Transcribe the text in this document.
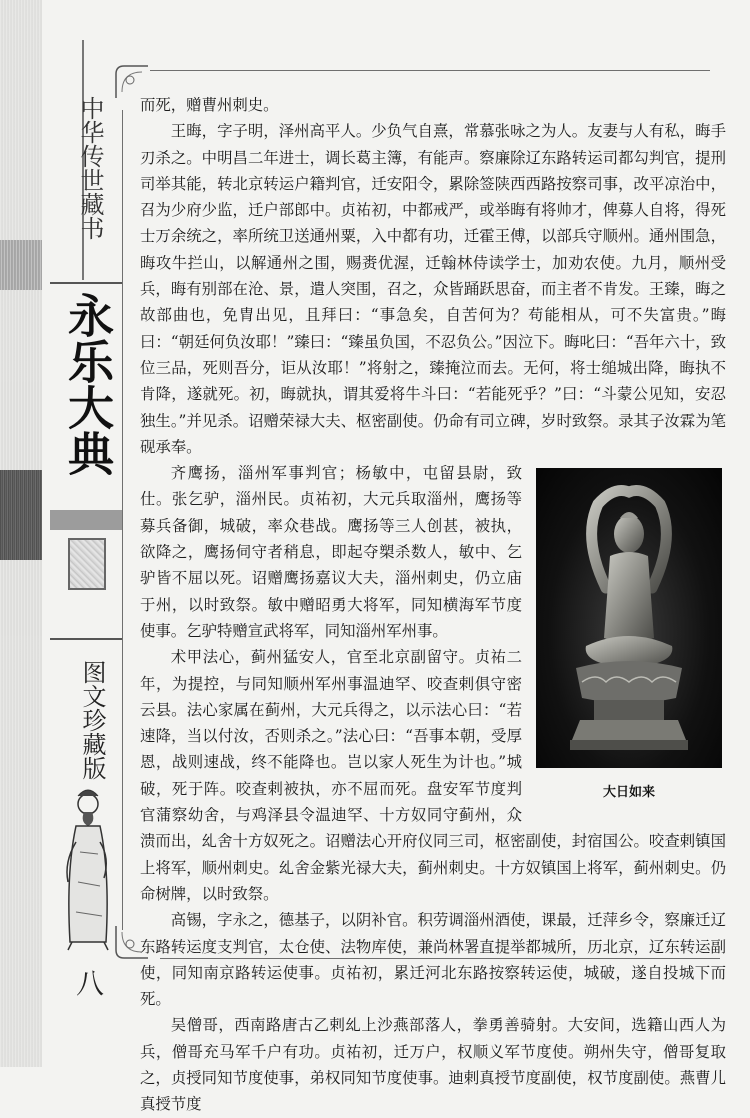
中华传世藏书
永乐大典
图文珍藏版
八

而死，赠曹州刺史。

王晦，字子明，泽州高平人。少负气自熹，常慕张咏之为人。友妻与人有私，晦手刃杀之。中明昌二年进士，调长葛主簿，有能声。察廉除辽东路转运司都勾判官，提刑司举其能，转北京转运户籍判官，迁安阳令，累除签陕西西路按察司事，改平凉治中，召为少府少监，迁户部郎中。贞祐初，中都戒严，或举晦有将帅才，俾募人自将，得死士万余统之，率所统卫送通州粟，入中都有功，迁霍王傅，以部兵守顺州。通州围急，晦攻牛拦山，以解通州之围，赐赉优渥，迁翰林侍读学士，加劝农使。九月，顺州受兵，晦有别部在沧、景，遣人突围，召之，众皆踊跃思奋，而主者不肯发。王臻，晦之故部曲也，免胄出见，且拜曰：“事急矣，自苦何为？苟能相从，可不失富贵。”晦曰：“朝廷何负汝耶！”臻曰：“臻虽负国，不忍负公。”因泣下。晦叱曰：“吾年六十，致位三品，死则吾分，讵从汝耶！”将射之，臻掩泣而去。无何，将士缒城出降，晦执不肯降，遂就死。初，晦就执，谓其爱将牛斗曰：“若能死乎？”曰：“斗蒙公见知，安忍独生。”并见杀。诏赠荣禄大夫、枢密副使。仍命有司立碑，岁时致祭。录其子汝霖为笔砚承奉。

大日如来

齐鹰扬，淄州军事判官；杨敏中，屯留县尉，致仕。张乞驴，淄州民。贞祐初，大元兵取淄州，鹰扬等募兵备御，城破，率众巷战。鹰扬等三人创甚，被执，欲降之，鹰扬伺守者稍息，即起夺槊杀数人，敏中、乞驴皆不屈以死。诏赠鹰扬嘉议大夫，淄州刺史，仍立庙于州，以时致祭。敏中赠昭勇大将军，同知横海军节度使事。乞驴特赠宣武将军，同知淄州军州事。

术甲法心，蓟州猛安人，官至北京副留守。贞祐二年，为提控，与同知顺州军州事温迪罕、咬查剌俱守密云县。法心家属在蓟州，大元兵得之，以示法心曰：“若速降，当以付汝，否则杀之。”法心曰：“吾事本朝，受厚恩，战则速战，终不能降也。岂以家人死生为计也。”城破，死于阵。咬查剌被执，亦不屈而死。盘安军节度判官蒲察幼舍，与鸡泽县令温迪罕、十方奴同守蓟州，众溃而出，乣舍十方奴死之。诏赠法心开府仪同三司，枢密副使，封宿国公。咬查剌镇国上将军，顺州刺史。乣舍金紫光禄大夫，蓟州刺史。十方奴镇国上将军，蓟州刺史。仍命树牌，以时致祭。

高锡，字永之，德基子，以阴补官。积劳调淄州酒使，课最，迁萍乡令，察廉迁辽东路转运度支判官，太仓使、法物库使，兼尚林署直提举都城所，历北京，辽东转运副使，同知南京路转运使事。贞祐初，累迁河北东路按察转运使，城破，遂自投城下而死。

吴僧哥，西南路唐古乙剌乣上沙燕部落人，拳勇善骑射。大安间，选籍山西人为兵，僧哥充马军千户有功。贞祐初，迁万户，权顺义军节度使。朔州失守，僧哥复取之，贞授同知节度使事，弟权同知节度使事。迪剌真授节度副使，权节度副使。燕曹儿真授节度
